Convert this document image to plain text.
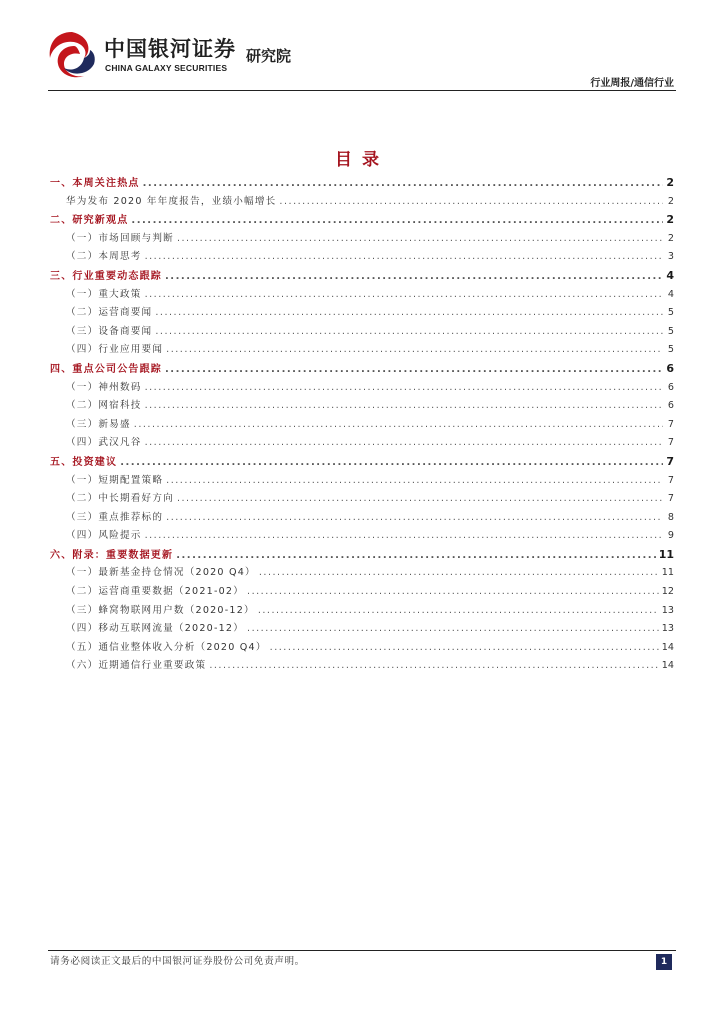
中国银河证券
CHINA GALAXY SECURITIES
研究院
行业周报/通信行业
目录
一、本周关注热点 .....	2
华为发布 2020 年年度报告，业绩小幅增长 .....	2
二、研究新观点 .....	2
（一）市场回顾与判断 .....	2
（二）本周思考 .....	3
三、行业重要动态跟踪 .....	4
（一）重大政策 .....	4
（二）运营商要闻 .....	5
（三）设备商要闻 .....	5
（四）行业应用要闻 .....	5
四、重点公司公告跟踪 .....	6
（一）神州数码 .....	6
（二）网宿科技 .....	6
（三）新易盛 .....	7
（四）武汉凡谷 .....	7
五、投资建议 .....	7
（一）短期配置策略 .....	7
（二）中长期看好方向 .....	7
（三）重点推荐标的 .....	8
（四）风险提示 .....	9
六、附录：重要数据更新 .....	11
（一）最新基金持仓情况（2020 Q4） .....	11
（二）运营商重要数据（2021-02） .....	12
（三）蜂窝物联网用户数（2020-12） .....	13
（四）移动互联网流量（2020-12） .....	13
（五）通信业整体收入分析（2020 Q4） .....	14
（六）近期通信行业重要政策 .....	14
请务必阅读正文最后的中国银河证券股份公司免责声明。	1
